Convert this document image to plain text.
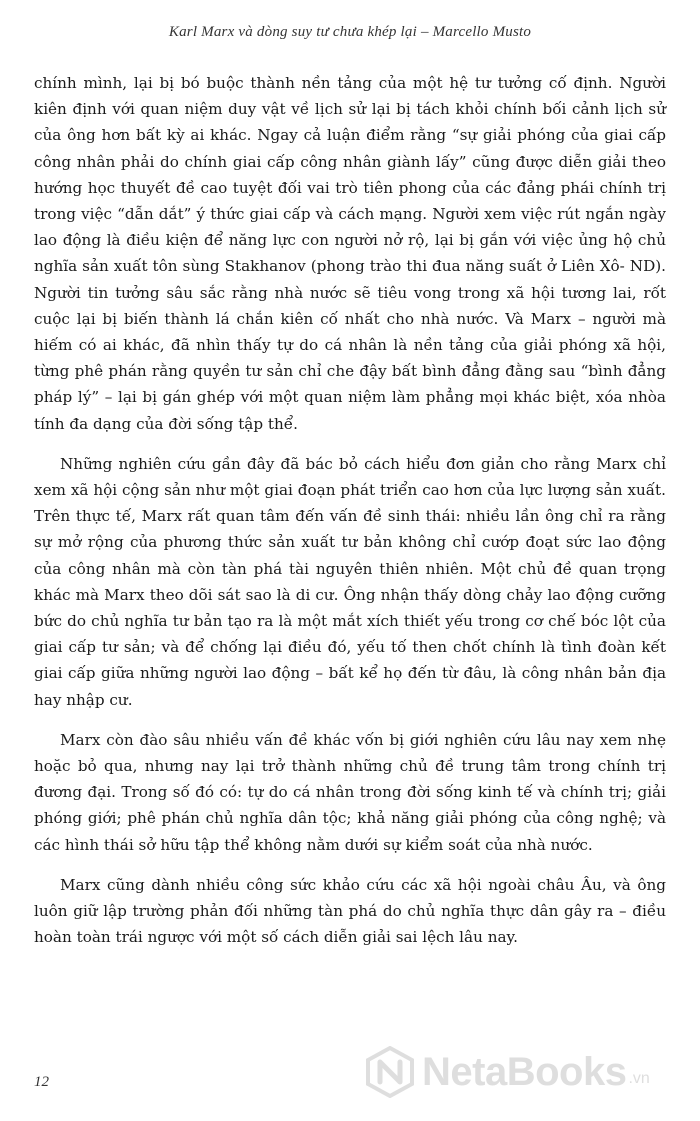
Karl Marx và dòng suy tư chưa khép lại – Marcello Musto

chính mình, lại bị bó buộc thành nền tảng của một hệ tư tưởng cố định. Người kiên định với quan niệm duy vật về lịch sử lại bị tách khỏi chính bối cảnh lịch sử của ông hơn bất kỳ ai khác. Ngay cả luận điểm rằng “sự giải phóng của giai cấp công nhân phải do chính giai cấp công nhân giành lấy” cũng được diễn giải theo hướng học thuyết đề cao tuyệt đối vai trò tiên phong của các đảng phái chính trị trong việc “dẫn dắt” ý thức giai cấp và cách mạng. Người xem việc rút ngắn ngày lao động là điều kiện để năng lực con người nở rộ, lại bị gắn với việc ủng hộ chủ nghĩa sản xuất tôn sùng Stakhanov (phong trào thi đua năng suất ở Liên Xô- ND). Người tin tưởng sâu sắc rằng nhà nước sẽ tiêu vong trong xã hội tương lai, rốt cuộc lại bị biến thành lá chắn kiên cố nhất cho nhà nước. Và Marx – người mà hiếm có ai khác, đã nhìn thấy tự do cá nhân là nền tảng của giải phóng xã hội, từng phê phán rằng quyền tư sản chỉ che đậy bất bình đẳng đằng sau “bình đẳng pháp lý” – lại bị gán ghép với một quan niệm làm phẳng mọi khác biệt, xóa nhòa tính đa dạng của đời sống tập thể.

Những nghiên cứu gần đây đã bác bỏ cách hiểu đơn giản cho rằng Marx chỉ xem xã hội cộng sản như một giai đoạn phát triển cao hơn của lực lượng sản xuất. Trên thực tế, Marx rất quan tâm đến vấn đề sinh thái: nhiều lần ông chỉ ra rằng sự mở rộng của phương thức sản xuất tư bản không chỉ cướp đoạt sức lao động của công nhân mà còn tàn phá tài nguyên thiên nhiên. Một chủ đề quan trọng khác mà Marx theo dõi sát sao là di cư. Ông nhận thấy dòng chảy lao động cưỡng bức do chủ nghĩa tư bản tạo ra là một mắt xích thiết yếu trong cơ chế bóc lột của giai cấp tư sản; và để chống lại điều đó, yếu tố then chốt chính là tình đoàn kết giai cấp giữa những người lao động – bất kể họ đến từ đâu, là công nhân bản địa hay nhập cư.

Marx còn đào sâu nhiều vấn đề khác vốn bị giới nghiên cứu lâu nay xem nhẹ hoặc bỏ qua, nhưng nay lại trở thành những chủ đề trung tâm trong chính trị đương đại. Trong số đó có: tự do cá nhân trong đời sống kinh tế và chính trị; giải phóng giới; phê phán chủ nghĩa dân tộc; khả năng giải phóng của công nghệ; và các hình thái sở hữu tập thể không nằm dưới sự kiểm soát của nhà nước.

Marx cũng dành nhiều công sức khảo cứu các xã hội ngoài châu Âu, và ông luôn giữ lập trường phản đối những tàn phá do chủ nghĩa thực dân gây ra – điều hoàn toàn trái ngược với một số cách diễn giải sai lệch lâu nay.

12	NetaBooks .vn
